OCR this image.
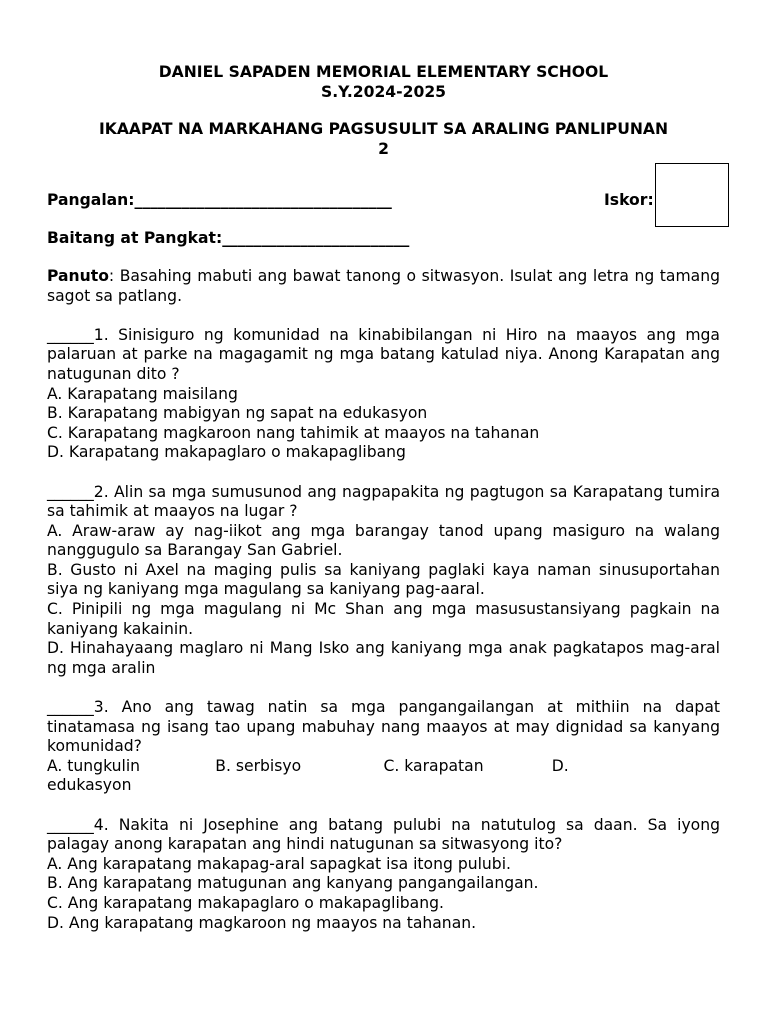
DANIEL SAPADEN MEMORIAL ELEMENTARY SCHOOL
S.Y.2024-2025
IKAAPAT NA MARKAHANG PAGSUSULIT SA ARALING PANLIPUNAN
2
Pangalan:_________________________________	Iskor:
Baitang at Pangkat:________________________
Panuto: Basahing mabuti ang bawat tanong o sitwasyon. Isulat ang letra ng tamang sagot sa patlang.
______1. Sinisiguro ng komunidad na kinabibilangan ni Hiro na maayos ang mga palaruan at parke na magagamit ng mga batang katulad niya. Anong Karapatan ang natugunan dito ?
A. Karapatang maisilang
B. Karapatang mabigyan ng sapat na edukasyon
C. Karapatang magkaroon nang tahimik at maayos na tahanan
D. Karapatang makapaglaro o makapaglibang
______2. Alin sa mga sumusunod ang nagpapakita ng pagtugon sa Karapatang tumira sa tahimik at maayos na lugar ?
A. Araw-araw ay nag-iikot ang mga barangay tanod upang masiguro na walang nanggugulo sa Barangay San Gabriel.
B. Gusto ni Axel na maging pulis sa kaniyang paglaki kaya naman sinusuportahan siya ng kaniyang mga magulang sa kaniyang pag-aaral.
C. Pinipili ng mga magulang ni Mc Shan ang mga masusustansiyang pagkain na kaniyang kakainin.
D. Hinahayaang maglaro ni Mang Isko ang kaniyang mga anak pagkatapos mag-aral ng mga aralin
______3. Ano ang tawag natin sa mga pangangailangan at mithiin na dapat tinatamasa ng isang tao upang mabuhay nang maayos at may dignidad sa kanyang komunidad?
A. tungkulin	B. serbisyo	C. karapatan	D.
edukasyon
______4. Nakita ni Josephine ang batang pulubi na natutulog sa daan. Sa iyong palagay anong karapatan ang hindi natugunan sa sitwasyong ito?
A. Ang karapatang makapag-aral sapagkat isa itong pulubi.
B. Ang karapatang matugunan ang kanyang pangangailangan.
C. Ang karapatang makapaglaro o makapaglibang.
D. Ang karapatang magkaroon ng maayos na tahanan.
